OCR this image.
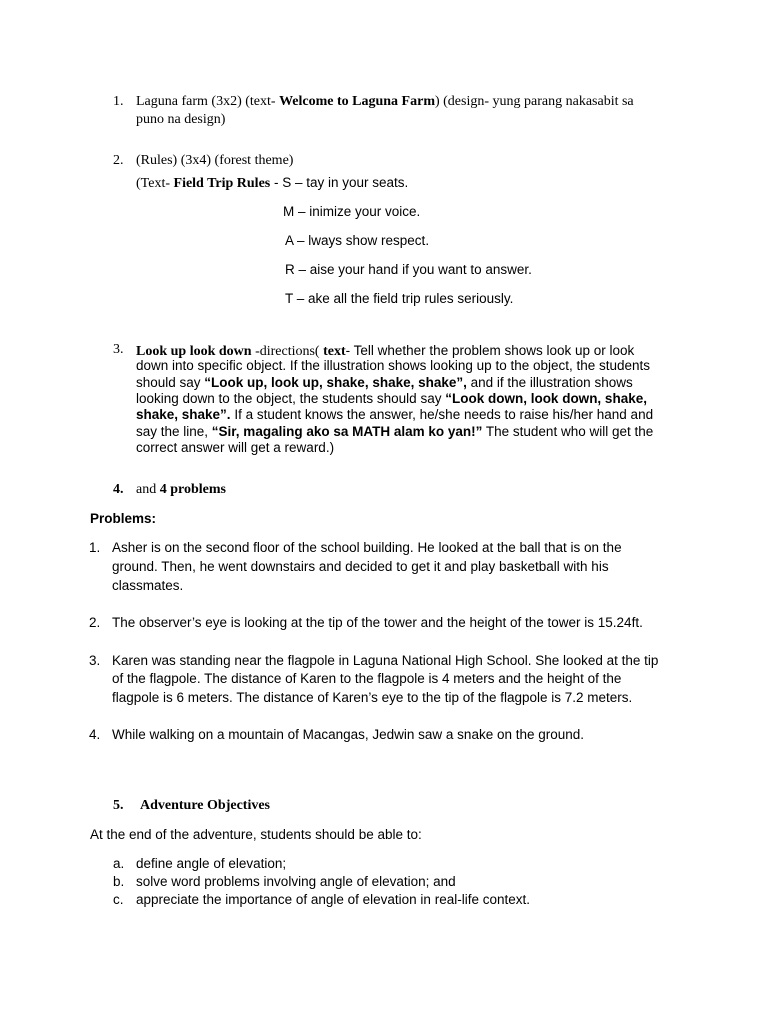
1. Laguna farm (3x2) (text- Welcome to Laguna Farm) (design- yung parang nakasabit sa
puno na design)
2. (Rules) (3x4) (forest theme)
(Text- Field Trip Rules - S – tay in your seats.
M – inimize your voice.
A – lways show respect.
R – aise your hand if you want to answer.
T – ake all the field trip rules seriously.
3. Look up look down -directions( text- Tell whether the problem shows look up or look
down into specific object. If the illustration shows looking up to the object, the students
should say “Look up, look up, shake, shake, shake”, and if the illustration shows
looking down to the object, the students should say “Look down, look down, shake,
shake, shake”. If a student knows the answer, he/she needs to raise his/her hand and
say the line, “Sir, magaling ako sa MATH alam ko yan!” The student who will get the
correct answer will get a reward.)
4. and 4 problems
Problems:
1. Asher is on the second floor of the school building. He looked at the ball that is on the
ground. Then, he went downstairs and decided to get it and play basketball with his
classmates.
2. The observer’s eye is looking at the tip of the tower and the height of the tower is 15.24ft.
3. Karen was standing near the flagpole in Laguna National High School. She looked at the tip
of the flagpole. The distance of Karen to the flagpole is 4 meters and the height of the
flagpole is 6 meters. The distance of Karen’s eye to the tip of the flagpole is 7.2 meters.
4. While walking on a mountain of Macangas, Jedwin saw a snake on the ground.
5. Adventure Objectives
At the end of the adventure, students should be able to:
a. define angle of elevation;
b. solve word problems involving angle of elevation; and
c. appreciate the importance of angle of elevation in real-life context.
